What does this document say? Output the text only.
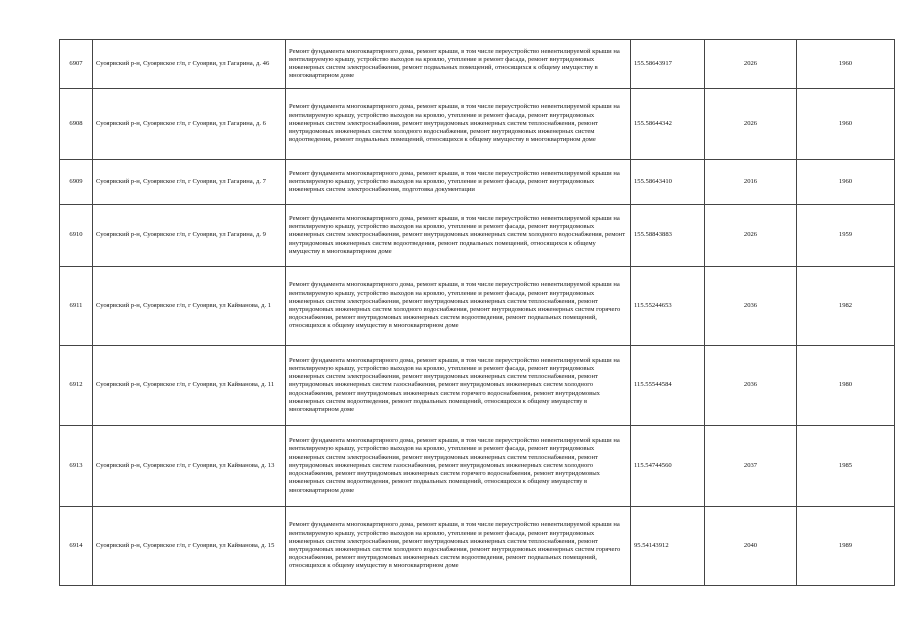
6907	Суоярвский р-н, Суоярвское г/п, г Суоярви, ул Гагарина, д. 46	Ремонт фундамента многоквартирного дома, ремонт крыши, в том числе переустройство невентилируемой крыши на вентилируемую крышу, устройство выходов на кровлю, утепление и ремонт фасада, ремонт внутридомовых инженерных систем электроснабжения, ремонт подвальных помещений, относящихся к общему имуществу в многоквартирном доме	155.58643917	2026	1960
6908	Суоярвский р-н, Суоярвское г/п, г Суоярви, ул Гагарина, д. 6	Ремонт фундамента многоквартирного дома, ремонт крыши, в том числе переустройство невентилируемой крыши на вентилируемую крышу, устройство выходов на кровлю, утепление и ремонт фасада, ремонт внутридомовых инженерных систем электроснабжения, ремонт внутридомовых инженерных систем теплоснабжения, ремонт внутридомовых инженерных систем холодного водоснабжения, ремонт внутридомовых инженерных систем водоотведения, ремонт подвальных помещений, относящихся к общему имуществу в многоквартирном доме	155.58644342	2026	1960
6909	Суоярвский р-н, Суоярвское г/п, г Суоярви, ул Гагарина, д. 7	Ремонт фундамента многоквартирного дома, ремонт крыши, в том числе переустройство невентилируемой крыши на вентилируемую крышу, устройство выходов на кровлю, утепление и ремонт фасада, ремонт внутридомовых инженерных систем электроснабжения, подготовка документации	155.58643410	2016	1960
6910	Суоярвский р-н, Суоярвское г/п, г Суоярви, ул Гагарина, д. 9	Ремонт фундамента многоквартирного дома, ремонт крыши, в том числе переустройство невентилируемой крыши на вентилируемую крышу, устройство выходов на кровлю, утепление и ремонт фасада, ремонт внутридомовых инженерных систем электроснабжения, ремонт внутридомовых инженерных систем холодного водоснабжения, ремонт внутридомовых инженерных систем водоотведения, ремонт подвальных помещений, относящихся к общему имуществу в многоквартирном доме	155.58843883	2026	1959
6911	Суоярвский р-н, Суоярвское г/п, г Суоярви, ул Кайманова, д. 1	Ремонт фундамента многоквартирного дома, ремонт крыши, в том числе переустройство невентилируемой крыши на вентилируемую крышу, устройство выходов на кровлю, утепление и ремонт фасада, ремонт внутридомовых инженерных систем электроснабжения, ремонт внутридомовых инженерных систем теплоснабжения, ремонт внутридомовых инженерных систем холодного водоснабжения, ремонт внутридомовых инженерных систем горячего водоснабжения, ремонт внутридомовых инженерных систем водоотведения, ремонт подвальных помещений, относящихся к общему имуществу в многоквартирном доме	115.55244653	2036	1982
6912	Суоярвский р-н, Суоярвское г/п, г Суоярви, ул Кайманова, д. 11	Ремонт фундамента многоквартирного дома, ремонт крыши, в том числе переустройство невентилируемой крыши на вентилируемую крышу, устройство выходов на кровлю, утепление и ремонт фасада, ремонт внутридомовых инженерных систем электроснабжения, ремонт внутридомовых инженерных систем теплоснабжения, ремонт внутридомовых инженерных систем газоснабжения, ремонт внутридомовых инженерных систем холодного водоснабжения, ремонт внутридомовых инженерных систем горячего водоснабжения, ремонт внутридомовых инженерных систем водоотведения, ремонт подвальных помещений, относящихся к общему имуществу в многоквартирном доме	115.55544584	2036	1980
6913	Суоярвский р-н, Суоярвское г/п, г Суоярви, ул Кайманова, д. 13	Ремонт фундамента многоквартирного дома, ремонт крыши, в том числе переустройство невентилируемой крыши на вентилируемую крышу, устройство выходов на кровлю, утепление и ремонт фасада, ремонт внутридомовых инженерных систем электроснабжения, ремонт внутридомовых инженерных систем теплоснабжения, ремонт внутридомовых инженерных систем газоснабжения, ремонт внутридомовых инженерных систем холодного водоснабжения, ремонт внутридомовых инженерных систем горячего водоснабжения, ремонт внутридомовых инженерных систем водоотведения, ремонт подвальных помещений, относящихся к общему имуществу в многоквартирном доме	115.54744560	2037	1985
6914	Суоярвский р-н, Суоярвское г/п, г Суоярви, ул Кайманова, д. 15	Ремонт фундамента многоквартирного дома, ремонт крыши, в том числе переустройство невентилируемой крыши на вентилируемую крышу, устройство выходов на кровлю, утепление и ремонт фасада, ремонт внутридомовых инженерных систем электроснабжения, ремонт внутридомовых инженерных систем теплоснабжения, ремонт внутридомовых инженерных систем холодного водоснабжения, ремонт внутридомовых инженерных систем горячего водоснабжения, ремонт внутридомовых инженерных систем водоотведения, ремонт подвальных помещений, относящихся к общему имуществу в многоквартирном доме	95.54143912	2040	1989
